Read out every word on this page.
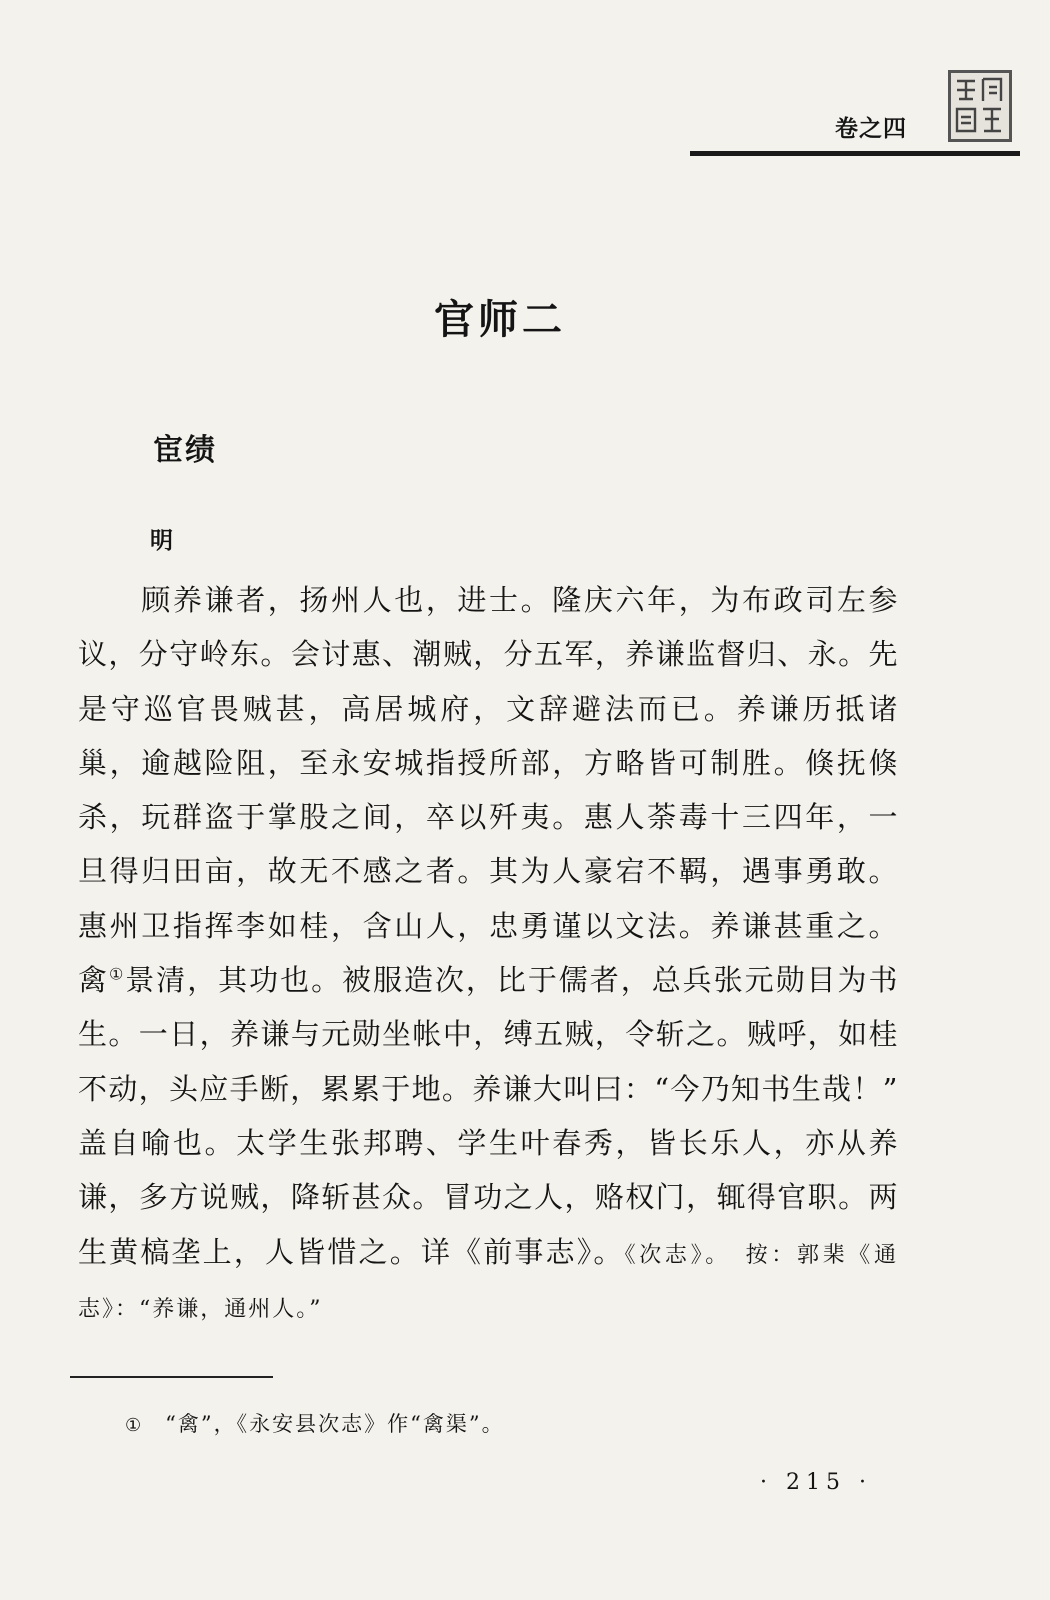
卷之四
官师二
宦绩
明
　　顾养谦者，扬州人也，进士。隆庆六年，为布政司左参
议，分守岭东。会讨惠、潮贼，分五军，养谦监督归、永。先
是守巡官畏贼甚，高居城府，文辞避法而已。养谦历抵诸
巢，逾越险阻，至永安城指授所部，方略皆可制胜。倏抚倏
杀，玩群盗于掌股之间，卒以歼夷。惠人荼毒十三四年，一
旦得归田亩，故无不感之者。其为人豪宕不羁，遇事勇敢。
惠州卫指挥李如桂，含山人，忠勇谨以文法。养谦甚重之。
禽①景清，其功也。被服造次，比于儒者，总兵张元勋目为书
生。一日，养谦与元勋坐帐中，缚五贼，令斩之。贼呼，如桂
不动，头应手断，累累于地。养谦大叫曰：“今乃知书生哉！”
盖自喻也。太学生张邦聘、学生叶春秀，皆长乐人，亦从养
谦，多方说贼，降斩甚众。冒功之人，赂权门，辄得官职。两
生黄槁垄上，人皆惜之。详《前事志》。《次志》。　按：郭棐《通
志》：“养谦，通州人。”
① “禽”，《永安县次志》作“禽渠”。
· 215 ·
